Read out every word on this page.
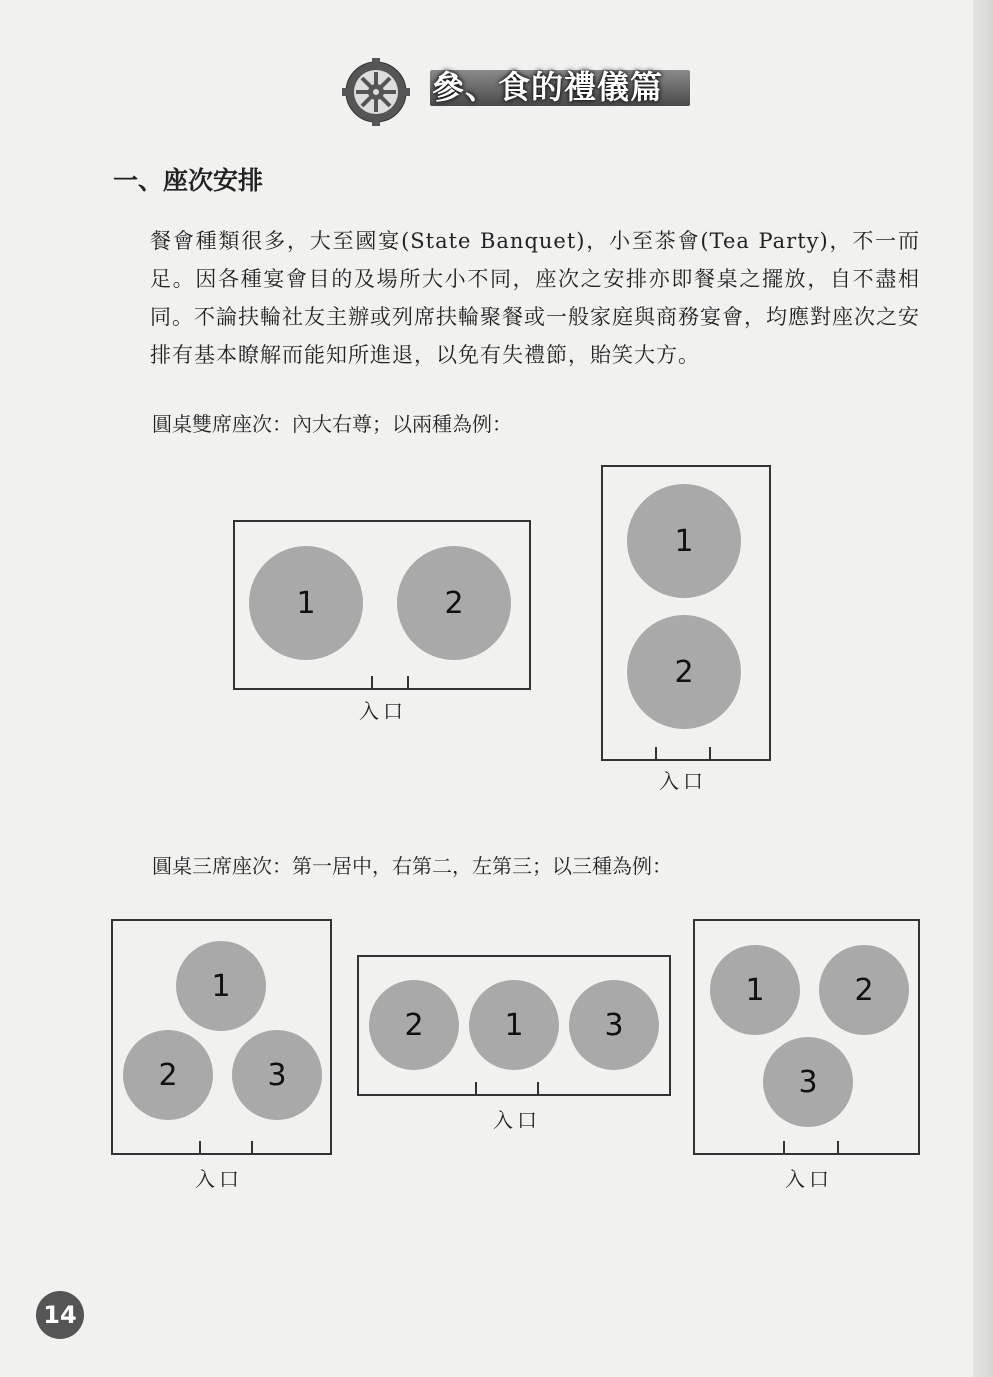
參、食的禮儀篇
一、座次安排
餐會種類很多，大至國宴(State Banquet)，小至茶會(Tea Party)，不一而足。因各種宴會目的及場所大小不同，座次之安排亦即餐桌之擺放，自不盡相同。不論扶輪社友主辦或列席扶輪聚餐或一般家庭與商務宴會，均應對座次之安排有基本瞭解而能知所進退，以免有失禮節，貽笑大方。
圓桌雙席座次：內大右尊；以兩種為例：
1	2
入口
1
2
入口
圓桌三席座次：第一居中，右第二，左第三；以三種為例：
1
2	3
入口
2	1	3
入口
1	2
3
入口
14
